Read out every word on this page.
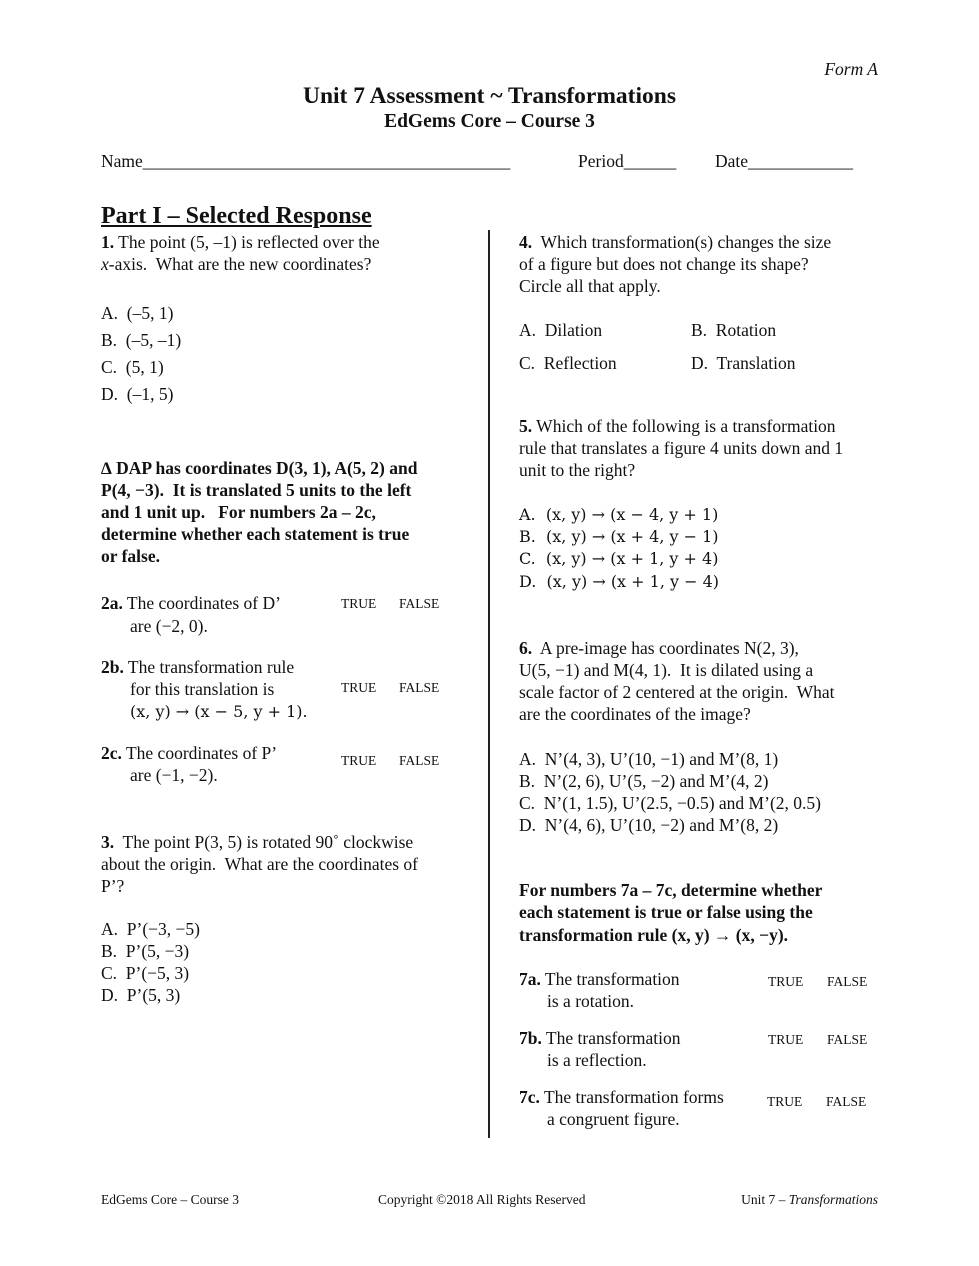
Form A
Unit 7 Assessment ~ Transformations
EdGems Core – Course 3
Name__________________________________________	Period______ Date____________
Part I – Selected Response
1. The point (5, –1) is reflected over the
x-axis.  What are the new coordinates?
A.  (–5, 1)
B.  (–5, –1)
C.  (5, 1)
D.  (–1, 5)
∆ DAP has coordinates D(3, 1), A(5, 2) and
P(4, −3).  It is translated 5 units to the left
and 1 unit up.   For numbers 2a – 2c,
determine whether each statement is true
or false.
2a. The coordinates of D’
are (−2, 0).
TRUE FALSE
2b. The transformation rule
for this translation is
(x, y) → (x − 5, y + 1).
TRUE FALSE
2c. The coordinates of P’
are (−1, −2).
TRUE FALSE
3.  The point P(3, 5) is rotated 90˚ clockwise
about the origin.  What are the coordinates of
P’?
A.  P’(−3, −5)
B.  P’(5, −3)
C.  P’(−5, 3)
D.  P’(5, 3)
4.  Which transformation(s) changes the size
of a figure but does not change its shape?
Circle all that apply.
A.  Dilation	B.  Rotation
C.  Reflection	D.  Translation
5. Which of the following is a transformation
rule that translates a figure 4 units down and 1
unit to the right?
A.  (x, y) → (x − 4, y + 1)
B.  (x, y) → (x + 4, y − 1)
C.  (x, y) → (x + 1, y + 4)
D.  (x, y) → (x + 1, y − 4)
6.  A pre-image has coordinates N(2, 3),
U(5, −1) and M(4, 1).  It is dilated using a
scale factor of 2 centered at the origin.  What
are the coordinates of the image?
A.  N’(4, 3), U’(10, −1) and M’(8, 1)
B.  N’(2, 6), U’(5, −2) and M’(4, 2)
C.  N’(1, 1.5), U’(2.5, −0.5) and M’(2, 0.5)
D.  N’(4, 6), U’(10, −2) and M’(8, 2)
For numbers 7a – 7c, determine whether
each statement is true or false using the
transformation rule (x, y) → (x, −y).
7a. The transformation
is a rotation.
TRUE FALSE
7b. The transformation
is a reflection.
TRUE FALSE
7c. The transformation forms
a congruent figure.
TRUE FALSE
EdGems Core – Course 3	Copyright ©2018 All Rights Reserved	Unit 7 – Transformations
